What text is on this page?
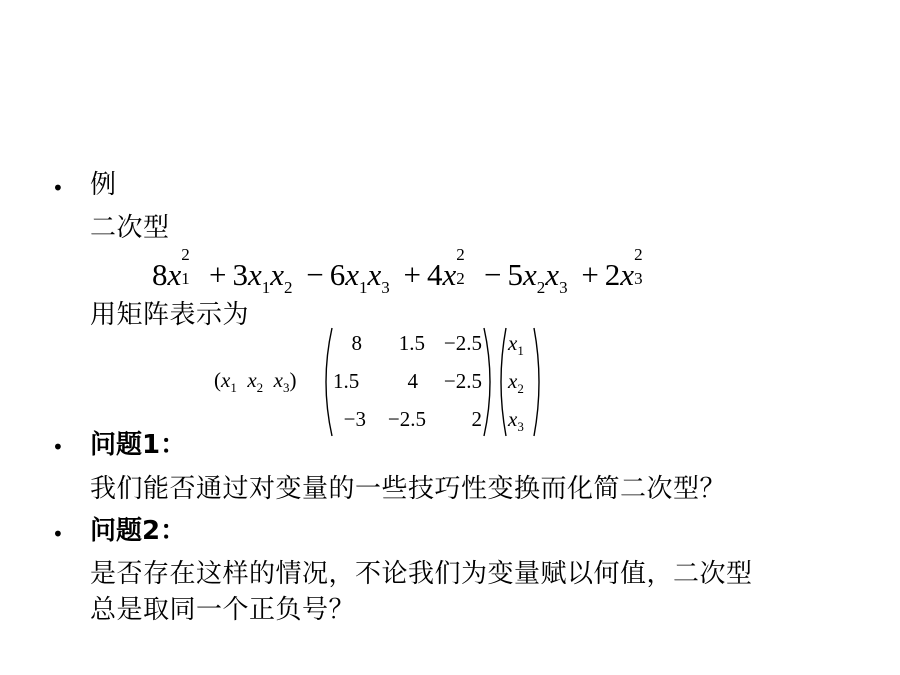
• 例
二次型
8x
2
$1 + 3x_1x_2 - 6x_1x_3 + 4x$
2
$2 - 5x_2x_3 + 2x$
2
3
用矩阵表示为
($x_1$ $x_2$ $x_3$)
8	1.5 −2.5
1.5	4	−2.5
−3	−2.5	2
$x_1$
$x_2$
$x_3$
• 问题1：
我们能否通过对变量的一些技巧性变换而化简二次型？
• 问题2：
是否存在这样的情况，不论我们为变量赋以何值，二次型
总是取同一个正负号？
